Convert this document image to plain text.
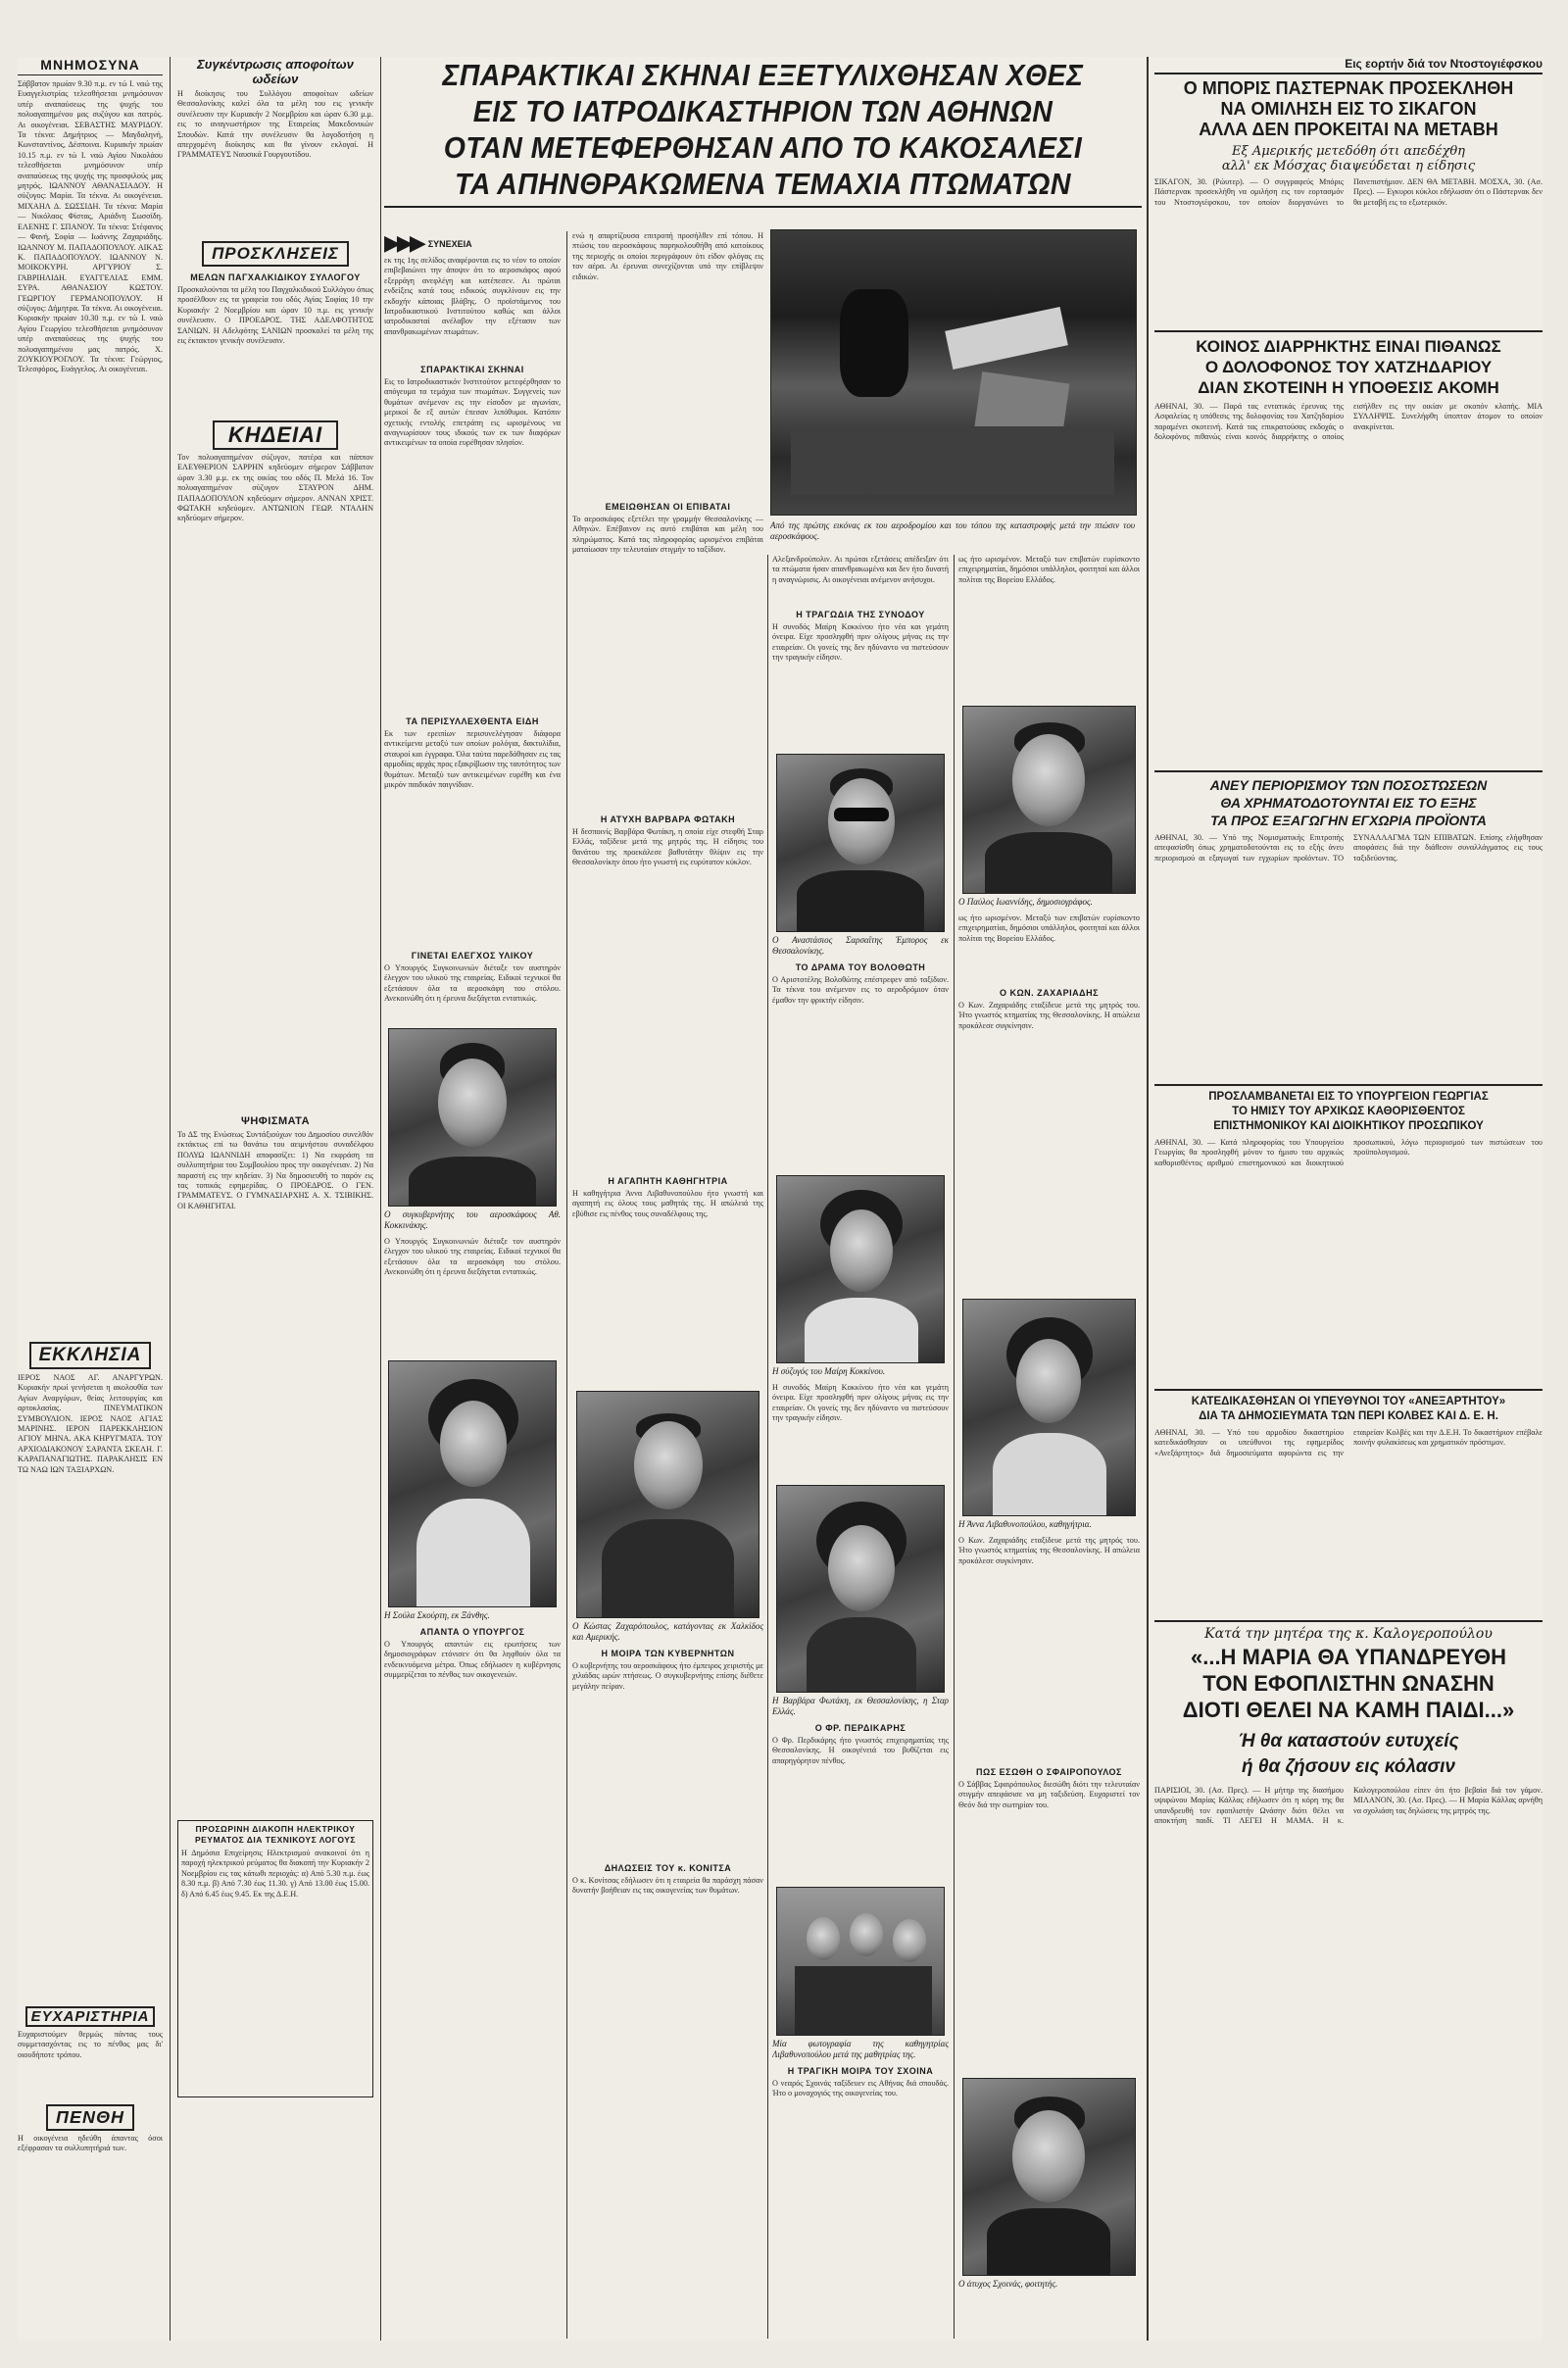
ΜΝΗΜΟΣΥΝΑ
Σάββατον πρωίαν 9.30 π.μ. εν τώ Ι. ναώ της Ευαγγελιστρίας τελεσθήσεται μνημόσυνον υπέρ αναπαύσεως της ψυχής του πολυαγαπημένου μας συζύγου και πατρός. Αι οικογένειαι. ΣΕΒΑΣΤΗΣ ΜΑΥΡΙΔΟΥ. Τα τέκνα: Δημήτριος — Μαγδαληνή, Κωνσταντίνος, Δέσποινα. Κυριακήν πρωίαν 10.15 π.μ. εν τώ Ι. ναώ Αγίου Νικολάου τελεσθήσεται μνημόσυνον υπέρ αναπαύσεως της ψυχής της προσφιλούς μας μητρός. ΙΩΑΝΝΟΥ ΑΘΑΝΑΣΙΑΔΟΥ. Η σύζυγος: Μαρία. Τα τέκνα. Αι οικογένειαι. ΜΙΧΑΗΛ Δ. ΣΩΣΣΙΔΗ. Τα τέκνα: Μαρία — Νικόλαος Φίστας, Αριάδνη Σωσσίδη. ΕΛΕΝΗΣ Γ. ΣΠΑΝΟΥ. Τα τέκνα: Στέφανος — Φανή, Σοφία — Ιωάννης Ζαχαριάδης. ΙΩΑΝΝΟΥ Μ. ΠΑΠΑΔΟΠΟΥΛΟΥ. ΑΙΚΑΣ Κ. ΠΑΠΑΔΟΠΟΥΛΟΥ. ΙΩΑΝΝΟΥ Ν. ΜΟΙΚΟΚΥΡΗ. ΑΡΓΥΡΙΟΥ Σ. ΓΑΒΡΙΗΛΙΔΗ. ΕΥΑΓΓΕΛΙΑΣ ΕΜΜ. ΣΥΡΑ. ΑΘΑΝΑΣΙΟΥ ΚΩΣΤΟΥ. ΓΕΩΡΓΙΟΥ ΓΕΡΜΑΝΟΠΟΥΛΟΥ. Η σύζυγος: Δήμητρα. Τα τέκνα. Αι οικογένειαι. Κυριακήν πρωίαν 10.30 π.μ. εν τώ Ι. ναώ Αγίου Γεωργίου τελεσθήσεται μνημόσυνον υπέρ αναπαύσεως της ψυχής του πολυαγαπημένου μας πατρός. Χ. ΖΟΥΚΙΟΥΡΟΓΛΟΥ. Τα τέκνα: Γεώργιος, Τελεσφόρος, Ευάγγελος. Αι οικογένειαι.
ΕΚΚΛΗΣΙΑ
ΙΕΡΟΣ ΝΑΟΣ ΑΓ. ΑΝΑΡΓΥΡΩΝ. Κυριακήν πρωί γενήσεται η ακολουθία των Αγίων Αναργύρων, θείας λειτουργίας και αρτοκλασίας. ΠΝΕΥΜΑΤΙΚΟΝ ΣΥΜΒΟΥΛΙΟΝ. ΙΕΡΟΣ ΝΑΟΣ ΑΓΙΑΣ ΜΑΡΙΝΗΣ. ΙΕΡΟΝ ΠΑΡΕΚΚΛΗΣΙΟΝ ΑΓΙΟΥ ΜΗΝΑ. ΑΚΑ ΚΗΡΥΓΜΑΤΑ. ΤΟΥ ΑΡΧΙΟΔΙΑΚΟΝΟΥ ΣΑΡΑΝΤΑ ΣΚΕΛΗ. Γ. ΚΑΡΑΠΑΝΑΓΙΩΤΗΣ. ΠΑΡΑΚΛΗΣΙΣ ΕΝ ΤΩ ΝΑΩ ΙΩΝ ΤΑΞΙΑΡΧΩΝ.
ΕΥΧΑΡΙΣΤΗΡΙΑ
Ευχαριστούμεν θερμώς πάντας τους συμμετασχόντας εις το πένθος μας δι' οιουδήποτε τρόπου.
ΠΕΝΘΗ
Η οικογένεια ηδεύθη άπαντας όσοι εξέφρασαν τα συλλυπητήριά των.
Συγκέντρωσις αποφοίτων ωδείων
Η διοίκησις του Συλλόγου αποφοίτων ωδείων Θεσσαλονίκης καλεί όλα τα μέλη του εις γενικήν συνέλευσιν την Κυριακήν 2 Νοεμβρίου και ώραν 6.30 μ.μ. εις το αναγνωστήριον της Εταιρείας Μακεδονικών Σπουδών. Κατά την συνέλευσιν θα λογοδοτήση η απερχομένη διοίκησις και θα γίνουν εκλογαί. Η ΓΡΑΜΜΑΤΕΥΣ Ναυσικά Γουργουτίδου.
ΠΡΟΣΚΛΗΣΕΙΣ
ΜΕΛΩΝ ΠΑΓΧΑΛΚΙΔΙΚΟΥ ΣΥΛΛΟΓΟΥ
Προσκαλούνται τα μέλη του Παγχαλκιδικού Συλλόγου όπως προσέλθουν εις τα γραφεία του οδός Αγίας Σοφίας 10 την Κυριακήν 2 Νοεμβρίου και ώραν 10 π.μ. εις γενικήν συνέλευσιν. Ο ΠΡΟΕΔΡΟΣ. ΤΗΣ ΑΔΕΛΦΟΤΗΤΟΣ ΣΑΝΙΩΝ. Η Αδελφότης ΣΑΝΙΩΝ προσκαλεί τα μέλη της εις έκτακτον γενικήν συνέλευσιν.
ΚΗΔΕΙΑΙ
Τον πολυαγαπημένον σύζυγον, πατέρα και πάππον ΕΛΕΥΘΕΡΙΟΝ ΣΑΡΡΗΝ κηδεύομεν σήμερον Σάββατον ώραν 3.30 μ.μ. εκ της οικίας του οδός Π. Μελά 16. Τον πολυαγαπημένον σύζυγον ΣΤΑΥΡΟΝ ΔΗΜ. ΠΑΠΑΔΟΠΟΥΛΟΝ κηδεύομεν σήμερον. ΑΝΝΑΝ ΧΡΙΣΤ. ΦΩΤΑΚΗ κηδεύομεν. ΑΝΤΩΝΙΟΝ ΓΕΩΡ. ΝΤΑΛΗΝ κηδεύομεν σήμερον.
ΨΗΦΙΣΜΑΤΑ
Το ΔΣ της Ενώσεως Συντάξιούχων του Δημοσίου συνελθόν εκτάκτως επί τω θανάτω του αειμνήστου συναδέλφου ΠΟΛΥΩ ΙΩΑΝΝΙΔΗ αποφασίζει: 1) Να εκφράση τα συλλυπητήρια του Συμβουλίου προς την οικογένειαν. 2) Να παραστή εις την κηδείαν. 3) Να δημοσιευθή το παρόν εις τας τοπικάς εφημερίδας. Ο ΠΡΟΕΔΡΟΣ. Ο ΓΕΝ. ΓΡΑΜΜΑΤΕΥΣ. Ο ΓΥΜΝΑΣΙΑΡΧΗΣ Α. Χ. ΤΣΙΒΙΚΗΣ. ΟΙ ΚΑΘΗΓΗΤΑΙ.
ΠΡΟΣΩΡΙΝΗ ΔΙΑΚΟΠΗ ΗΛΕΚΤΡΙΚΟΥ ΡΕΥΜΑΤΟΣ ΔΙΑ ΤΕΧΝΙΚΟΥΣ ΛΟΓΟΥΣ
Η Δημόσια Επιχείρησις Ηλεκτρισμού ανακοινοί ότι η παροχή ηλεκτρικού ρεύματος θα διακοπή την Κυριακήν 2 Νοεμβρίου εις τας κάτωθι περιοχάς: α) Από 5.30 π.μ. έως 8.30 π.μ. β) Από 7.30 έως 11.30. γ) Από 13.00 έως 15.00. δ) Από 6.45 έως 9.45. Εκ της Δ.Ε.Η.
ΣΠΑΡΑΚΤΙΚΑΙ ΣΚΗΝΑΙ ΕΞΕΤΥΛΙΧΘΗΣΑΝ ΧΘΕΣ
ΕΙΣ ΤΟ ΙΑΤΡΟΔΙΚΑΣΤΗΡΙΟΝ ΤΩΝ ΑΘΗΝΩΝ
ΟΤΑΝ ΜΕΤΕΦΕΡΘΗΣΑΝ ΑΠΟ ΤΟ ΚΑΚΟΣΑΛΕΣΙ
ΤΑ ΑΠΗΝΘΡΑΚΩΜΕΝΑ ΤΕΜΑΧΙΑ ΠΤΩΜΑΤΩΝ
▶▶▶ ΣΥΝΕΧΕΙΑ
εκ της 1ης σελίδος αναφέρονται εις το νέον το οποίον επιβεβαιώνει την άποψιν ότι το αεροσκάφος αφού εξερράγη ανεφλέγη και κατέπεσεν. Αι πρώται ενδείξεις κατά τους ειδικούς συγκλίνουν εις την εκδοχήν κάποιας βλάβης. Ο προϊστάμενος του Ιατροδικαστικού Ινστιτούτου καθώς και άλλοι ιατροδικασταί ανέλαβον την εξέτασιν των απανθρακωμένων πτωμάτων.
ΣΠΑΡΑΚΤΙΚΑΙ ΣΚΗΝΑΙ
Εις το Ιατροδικαστικόν Ινστιτούτον μετεφέρθησαν το απόγευμα τα τεμάχια των πτωμάτων. Συγγενείς των θυμάτων ανέμενον εις την είσοδον με αγωνίαν, μερικοί δε εξ αυτών έπεσαν λιπόθυμοι. Κατόπιν σχετικής εντολής επετράπη εις ωρισμένους να αναγνωρίσουν τους ιδικούς των εκ των διαφόρων αντικειμένων τα οποία ευρέθησαν πλησίον.
ΤΑ ΠΕΡΙΣΥΛΛΕΧΘΕΝΤΑ ΕΙΔΗ
Εκ των ερειπίων περισυνελέγησαν διάφορα αντικείμενα μεταξύ των οποίων ρολόγια, δακτυλίδια, σταυροί και έγγραφα. Όλα ταύτα παρεδόθησαν εις τας αρμοδίας αρχάς προς εξακρίβωσιν της ταυτότητος των θυμάτων. Μεταξύ των αντικειμένων ευρέθη και ένα μικρόν παιδικόν παιγνίδιον.
ΓΙΝΕΤΑΙ ΕΛΕΓΧΟΣ ΥΛΙΚΟΥ
Ο Υπουργός Συγκοινωνιών διέταξε τον αυστηρόν έλεγχον του υλικού της εταιρείας. Ειδικοί τεχνικοί θα εξετάσουν όλα τα αεροσκάφη του στόλου. Ανεκοινώθη ότι η έρευνα διεξάγεται εντατικώς.
Ο συγκυβερνήτης του αεροσκάφους Αθ. Κοκκινάκης.
Ο Υπουργός Συγκοινωνιών διέταξε τον αυστηρόν έλεγχον του υλικού της εταιρείας. Ειδικοί τεχνικοί θα εξετάσουν όλα τα αεροσκάφη του στόλου. Ανεκοινώθη ότι η έρευνα διεξάγεται εντατικώς.
Η Σούλα Σκούρτη, εκ Ξάνθης.
ΑΠΑΝΤΑ Ο ΥΠΟΥΡΓΟΣ
Ο Υπουργός απαντών εις ερωτήσεις των δημοσιογράφων ετόνισεν ότι θα ληφθούν όλα τα ενδεικνυόμενα μέτρα. Όπως εδήλωσεν η κυβέρνησις συμμερίζεται το πένθος των οικογενειών.
Από της πρώτης εικόνας εκ του αεροδρομίου και του τόπου της καταστροφής μετά την πτώσιν του αεροσκάφους.
ενώ η απαρτίζουσα επιτροπή προσήλθεν επί τόπου. Η πτώσις του αεροσκάφους παρηκολουθήθη από κατοίκους της περιοχής οι οποίοι περιγράφουν ότι είδον φλόγας εις τον αέρα. Αι έρευναι συνεχίζονται υπό την επίβλεψιν ειδικών.
ΕΜΕΙΩΘΗΣΑΝ ΟΙ ΕΠΙΒΑΤΑΙ
Το αεροσκάφος εξετέλει την γραμμήν Θεσσαλονίκης — Αθηνών. Επέβαινον εις αυτό επιβάται και μέλη του πληρώματος. Κατά τας πληροφορίας ωρισμένοι επιβάται ματαίωσαν την τελευταίαν στιγμήν το ταξίδιον.
Η ΑΤΥΧΗ ΒΑΡΒΑΡΑ ΦΩΤΑΚΗ
Η δεσποινίς Βαρβάρα Φωτάκη, η οποία είχε στεφθή Σταρ Ελλάς, ταξίδευε μετά της μητρός της. Η είδησις του θανάτου της προεκάλεσε βαθυτάτην θλίψιν εις την Θεσσαλονίκην όπου ήτο γνωστή εις ευρύτατον κύκλον.
Η ΑΓΑΠΗΤΗ ΚΑΘΗΓΗΤΡΙΑ
Η καθηγήτρια Άννα Λιβαθυνοπούλου ήτο γνωστή και αγαπητή εις όλους τους μαθητάς της. Η απώλειά της εβύθισε εις πένθος τους συναδέλφους της.
Ο Κώστας Ζαχαρόπουλος, κατάγοντας εκ Χαλκίδος και Αμερικής.
Η ΜΟΙΡΑ ΤΩΝ ΚΥΒΕΡΝΗΤΩΝ
Ο κυβερνήτης του αεροσκάφους ήτο έμπειρος χειριστής με χιλιάδας ωρών πτήσεως. Ο συγκυβερνήτης επίσης διέθετε μεγάλην πείραν.
ΔΗΛΩΣΕΙΣ ΤΟΥ κ. ΚΟΝΙΤΣΑ
Ο κ. Κονίτσας εδήλωσεν ότι η εταιρεία θα παράσχη πάσαν δυνατήν βοήθειαν εις τας οικογενείας των θυμάτων.
Αλεξανδρούπολιν. Αι πρώται εξετάσεις απέδειξαν ότι τα πτώματα ήσαν απανθρακωμένα και δεν ήτο δυνατή η αναγνώρισις. Αι οικογένειαι ανέμενον ανήσυχοι.
Η ΤΡΑΓΩΔΙΑ ΤΗΣ ΣΥΝΟΔΟΥ
Η συνοδός Μαίρη Κοκκίνου ήτο νέα και γεμάτη όνειρα. Είχε προσληφθή πριν ολίγους μήνας εις την εταιρείαν. Οι γονείς της δεν ηδύναντο να πιστεύσουν την τραγικήν είδησιν.
Ο Αναστάσιος Σαρσαΐτης Έμπορος εκ Θεσσαλονίκης.
ΤΟ ΔΡΑΜΑ ΤΟΥ ΒΟΛΟΘΩΤΗ
Ο Αριστοτέλης Βολοθώτης επέστρεφεν από ταξίδιον. Τα τέκνα του ανέμενον εις το αεροδρόμιον όταν έμαθον την φρικτήν είδησιν.
Η σύζυγός του Μαίρη Κοκκίνου.
Η συνοδός Μαίρη Κοκκίνου ήτο νέα και γεμάτη όνειρα. Είχε προσληφθή πριν ολίγους μήνας εις την εταιρείαν. Οι γονείς της δεν ηδύναντο να πιστεύσουν την τραγικήν είδησιν.
Η Βαρβάρα Φωτάκη, εκ Θεσσαλονίκης, η Σταρ Ελλάς.
Ο ΦΡ. ΠΕΡΔΙΚΑΡΗΣ
Ο Φρ. Περδικάρης ήτο γνωστός επιχειρηματίας της Θεσσαλονίκης. Η οικογένειά του βυθίζεται εις απαρηγόρητον πένθος.
Μία φωτογραφία της καθηγητρίας Λιβαθυνοπούλου μετά της μαθητρίας της.
Η ΤΡΑΓΙΚΗ ΜΟΙΡΑ ΤΟΥ ΣΧΟΙΝΑ
Ο νεαρός Σχοινάς ταξίδευεν εις Αθήνας διά σπουδάς. Ήτο ο μοναχογιός της οικογενείας του.
ως ήτο ωρισμένον. Μεταξύ των επιβατών ευρίσκοντο επιχειρηματίαι, δημόσιοι υπάλληλοι, φοιτηταί και άλλοι πολίται της Βορείου Ελλάδος.
Ο Παύλος Ιωαννίδης, δημοσιογράφος.
ως ήτο ωρισμένον. Μεταξύ των επιβατών ευρίσκοντο επιχειρηματίαι, δημόσιοι υπάλληλοι, φοιτηταί και άλλοι πολίται της Βορείου Ελλάδος.
Ο ΚΩΝ. ΖΑΧΑΡΙΑΔΗΣ
Ο Κων. Ζαχαριάδης εταξίδευε μετά της μητρός του. Ήτο γνωστός κτηματίας της Θεσσαλονίκης. Η απώλεια προκάλεσε συγκίνησιν.
Η Άννα Λιβαθυνοπούλου, καθηγήτρια.
Ο Κων. Ζαχαριάδης εταξίδευε μετά της μητρός του. Ήτο γνωστός κτηματίας της Θεσσαλονίκης. Η απώλεια προκάλεσε συγκίνησιν.
ΠΩΣ ΕΣΩΘΗ Ο ΣΦΑΙΡΟΠΟΥΛΟΣ
Ο Σάββας Σφαιρόπουλος διεσώθη διότι την τελευταίαν στιγμήν απεφάσισε να μη ταξιδεύση. Ευχαριστεί τον Θεόν διά την σωτηρίαν του.
Ο άτυχος Σχοινάς, φοιτητής.
Εις εορτήν διά τον Ντοστογιέφσκου
Ο ΜΠΟΡΙΣ ΠΑΣΤΕΡΝΑΚ ΠΡΟΣΕΚΛΗΘΗ
ΝΑ ΟΜΙΛΗΣΗ ΕΙΣ ΤΟ ΣΙΚΑΓΟΝ
ΑΛΛΑ ΔΕΝ ΠΡΟΚΕΙΤΑΙ ΝΑ ΜΕΤΑΒΗ
Εξ Αμερικής μετεδόθη ότι απεδέχθη
αλλ' εκ Μόσχας διαψεύδεται η είδησις
ΣΙΚΑΓΟΝ, 30. (Ρώυτερ). — Ο συγγραφεύς Μπόρις Πάστερνακ προσεκλήθη να ομιλήση εις τον εορτασμόν του Ντοστογιέφσκου, τον οποίον διοργανώνει το Πανεπιστήμιον. ΔΕΝ ΘΑ ΜΕΤΑΒΗ. ΜΟΣΧΑ, 30. (Ασ. Πρες). — Εγκυροι κύκλοι εδήλωσαν ότι ο Πάστερνακ δεν θα μεταβή εις το εξωτερικόν.
ΚΟΙΝΟΣ ΔΙΑΡΡΗΚΤΗΣ ΕΙΝΑΙ ΠΙΘΑΝΩΣ
Ο ΔΟΛΟΦΟΝΟΣ ΤΟΥ ΧΑΤΖΗΔΑΡΙΟΥ
ΔΙΑΝ ΣΚΟΤΕΙΝΗ Η ΥΠΟΘΕΣΙΣ ΑΚΟΜΗ
ΑΘΗΝΑΙ, 30. — Παρά τας εντατικάς έρευνας της Ασφαλείας η υπόθεσις της δολοφονίας του Χατζηδαρίου παραμένει σκοτεινή. Κατά τας επικρατούσας εκδοχάς ο δολοφόνος πιθανώς είναι κοινός διαρρήκτης ο οποίος εισήλθεν εις την οικίαν με σκοπόν κλοπής. ΜΙΑ ΣΥΛΛΗΨΙΣ. Συνελήφθη ύποπτον άτομον το οποίον ανακρίνεται.
ΑΝΕΥ ΠΕΡΙΟΡΙΣΜΟΥ ΤΩΝ ΠΟΣΟΣΤΩΣΕΩΝ
ΘΑ ΧΡΗΜΑΤΟΔΟΤΟΥΝΤΑΙ ΕΙΣ ΤΟ ΕΞΗΣ
ΤΑ ΠΡΟΣ ΕΞΑΓΩΓΗΝ ΕΓΧΩΡΙΑ ΠΡΟΪΟΝΤΑ
ΑΘΗΝΑΙ, 30. — Υπό της Νομισματικής Επιτροπής απεφασίσθη όπως χρηματοδοτούνται εις το εξής άνευ περιορισμού αι εξαγωγαί των εγχωρίων προϊόντων. ΤΟ ΣΥΝΑΛΛΑΓΜΑ ΤΩΝ ΕΠΙΒΑΤΩΝ. Επίσης ελήφθησαν αποφάσεις διά την διάθεσιν συναλλάγματος εις τους ταξιδεύοντας.
ΠΡΟΣΛΑΜΒΑΝΕΤΑΙ ΕΙΣ ΤΟ ΥΠΟΥΡΓΕΙΟΝ ΓΕΩΡΓΙΑΣ
ΤΟ ΗΜΙΣΥ ΤΟΥ ΑΡΧΙΚΩΣ ΚΑΘΟΡΙΣΘΕΝΤΟΣ
ΕΠΙΣΤΗΜΟΝΙΚΟΥ ΚΑΙ ΔΙΟΙΚΗΤΙΚΟΥ ΠΡΟΣΩΠΙΚΟΥ
ΑΘΗΝΑΙ, 30. — Κατά πληροφορίας του Υπουργείου Γεωργίας θα προσληφθή μόνον το ήμισυ του αρχικώς καθορισθέντος αριθμού επιστημονικού και διοικητικού προσωπικού, λόγω περιορισμού των πιστώσεων του προϋπολογισμού.
ΚΑΤΕΔΙΚΑΣΘΗΣΑΝ ΟΙ ΥΠΕΥΘΥΝΟΙ ΤΟΥ «ΑΝΕΞΑΡΤΗΤΟΥ»
ΔΙΑ ΤΑ ΔΗΜΟΣΙΕΥΜΑΤΑ ΤΩΝ ΠΕΡΙ ΚΟΛΒΕΣ ΚΑΙ Δ. Ε. Η.
ΑΘΗΝΑΙ, 30. — Υπό του αρμοδίου δικαστηρίου κατεδικάσθησαν οι υπεύθυνοι της εφημερίδος «Ανεξάρτητος» διά δημοσιεύματα αφορώντα εις την εταιρείαν Κολβές και την Δ.Ε.Η. Το δικαστήριον επέβαλε ποινήν φυλακίσεως και χρηματικόν πρόστιμον.
Κατά την μητέρα της κ. Καλογεροπούλου
«...Η ΜΑΡΙΑ ΘΑ ΥΠΑΝΔΡΕΥΘΗ
ΤΟΝ ΕΦΟΠΛΙΣΤΗΝ ΩΝΑΣΗΝ
ΔΙΟΤΙ ΘΕΛΕΙ ΝΑ ΚΑΜΗ ΠΑΙΔΙ...»
Ή θα καταστούν ευτυχείς
ή θα ζήσουν εις κόλασιν
ΠΑΡΙΣΙΟΙ, 30. (Ασ. Πρες). — Η μήτηρ της διασήμου υψιφώνου Μαρίας Κάλλας εδήλωσεν ότι η κόρη της θα υπανδρευθή τον εφοπλιστήν Ωνάσην διότι θέλει να αποκτήση παιδί. ΤΙ ΛΕΓΕΙ Η ΜΑΜΑ. Η κ. Καλογεροπούλου είπεν ότι ήτο βεβαία διά τον γάμον. ΜΙΛΑΝΟΝ, 30. (Ασ. Πρες). — Η Μαρία Κάλλας αρνήθη να σχολιάση τας δηλώσεις της μητρός της.
